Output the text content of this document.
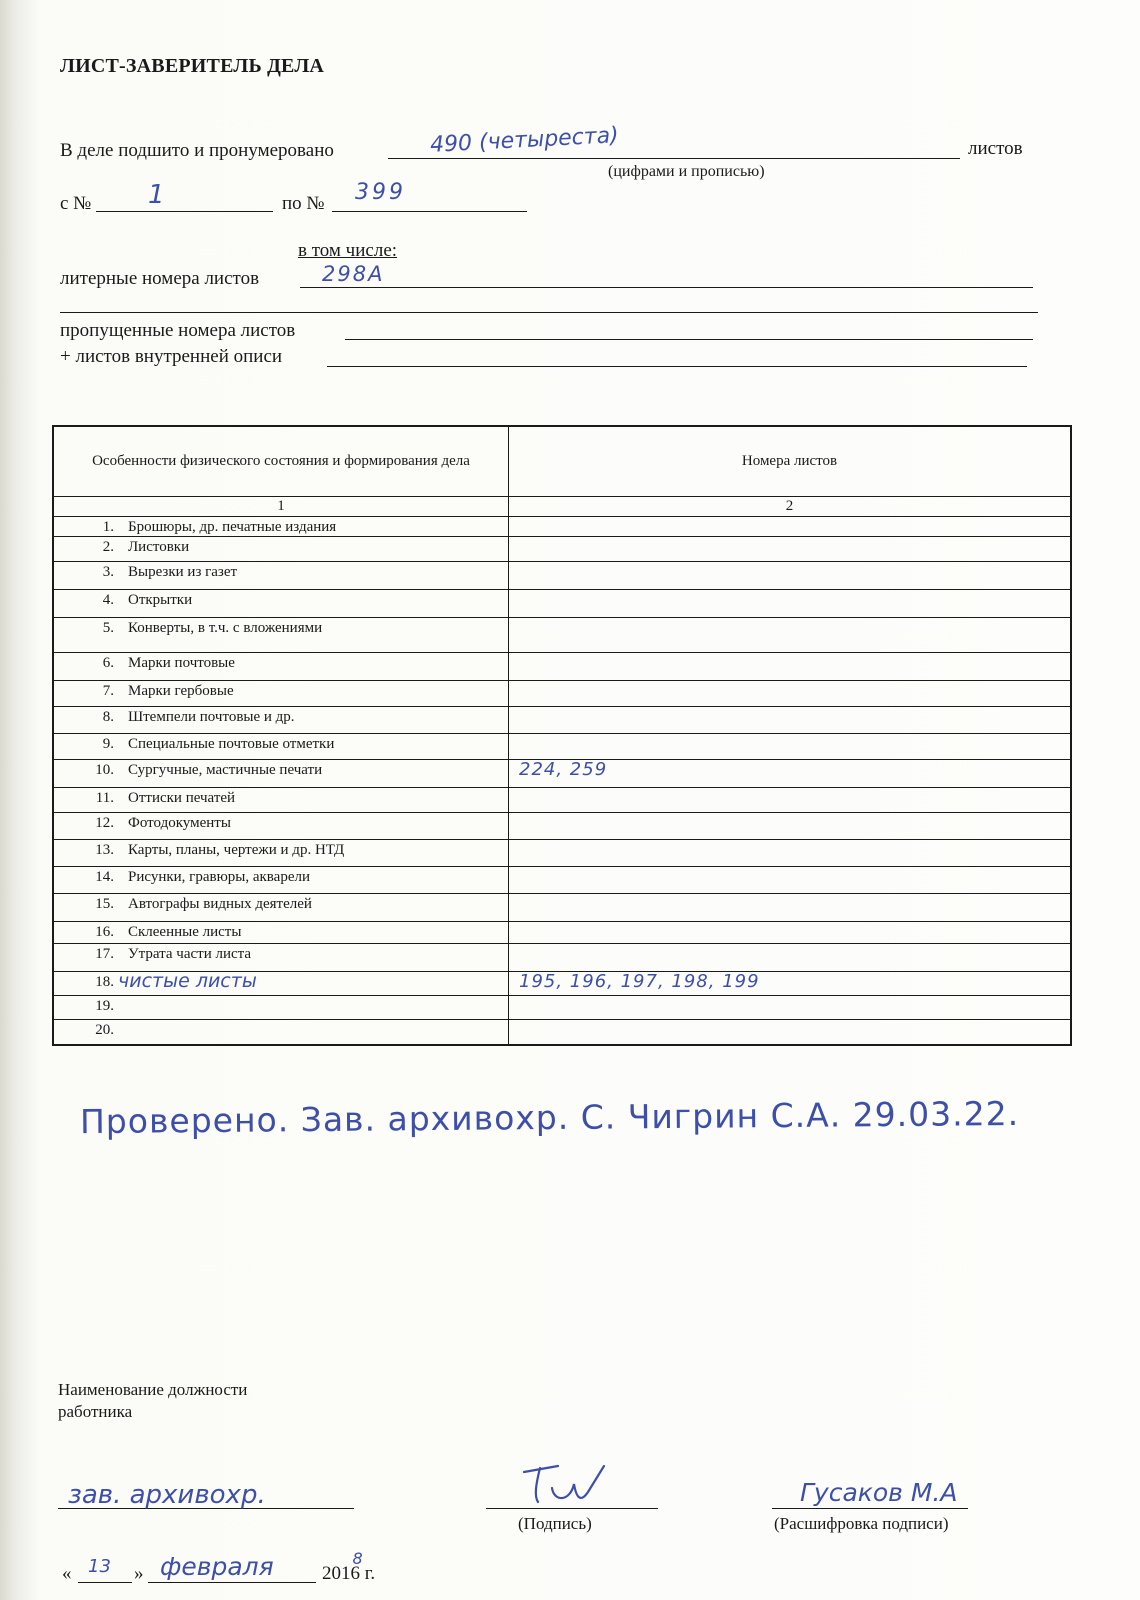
ЛИСТ-ЗАВЕРИТЕЛЬ ДЕЛА
В деле подшито и пронумеровано	490 (четыреста)	листов
(цифрами и прописью)
с № 1	по № 399
в том числе:
литерные номера листов	298А
пропущенные номера листов
+ листов внутренней описи
Особенности физического состояния и формирования дела	Номера листов
1	2
1. Брошюры, др. печатные издания
2. Листовки
3. Вырезки из газет
4. Открытки
5. Конверты, в т.ч. с вложениями
6. Марки почтовые
7. Марки гербовые
8. Штемпели почтовые и др.
9. Специальные почтовые отметки
10. Сургучные, мастичные печати	224, 259
11. Оттиски печатей
12. Фотодокументы
13. Карты, планы, чертежи и др. НТД
14. Рисунки, гравюры, акварели
15. Автографы видных деятелей
16. Склеенные листы
17. Утрата части листа
18. чистые листы	195, 196, 197, 198, 199
19.
20.
Проверено. Зав. архивохр. С. Чигрин С.А. 29.03.22.
Наименование должности
работника
зав. архивохр.
(Подпись)
Гусаков М.А
(Расшифровка подписи)
« 13 » февраля	2016
8
г.
